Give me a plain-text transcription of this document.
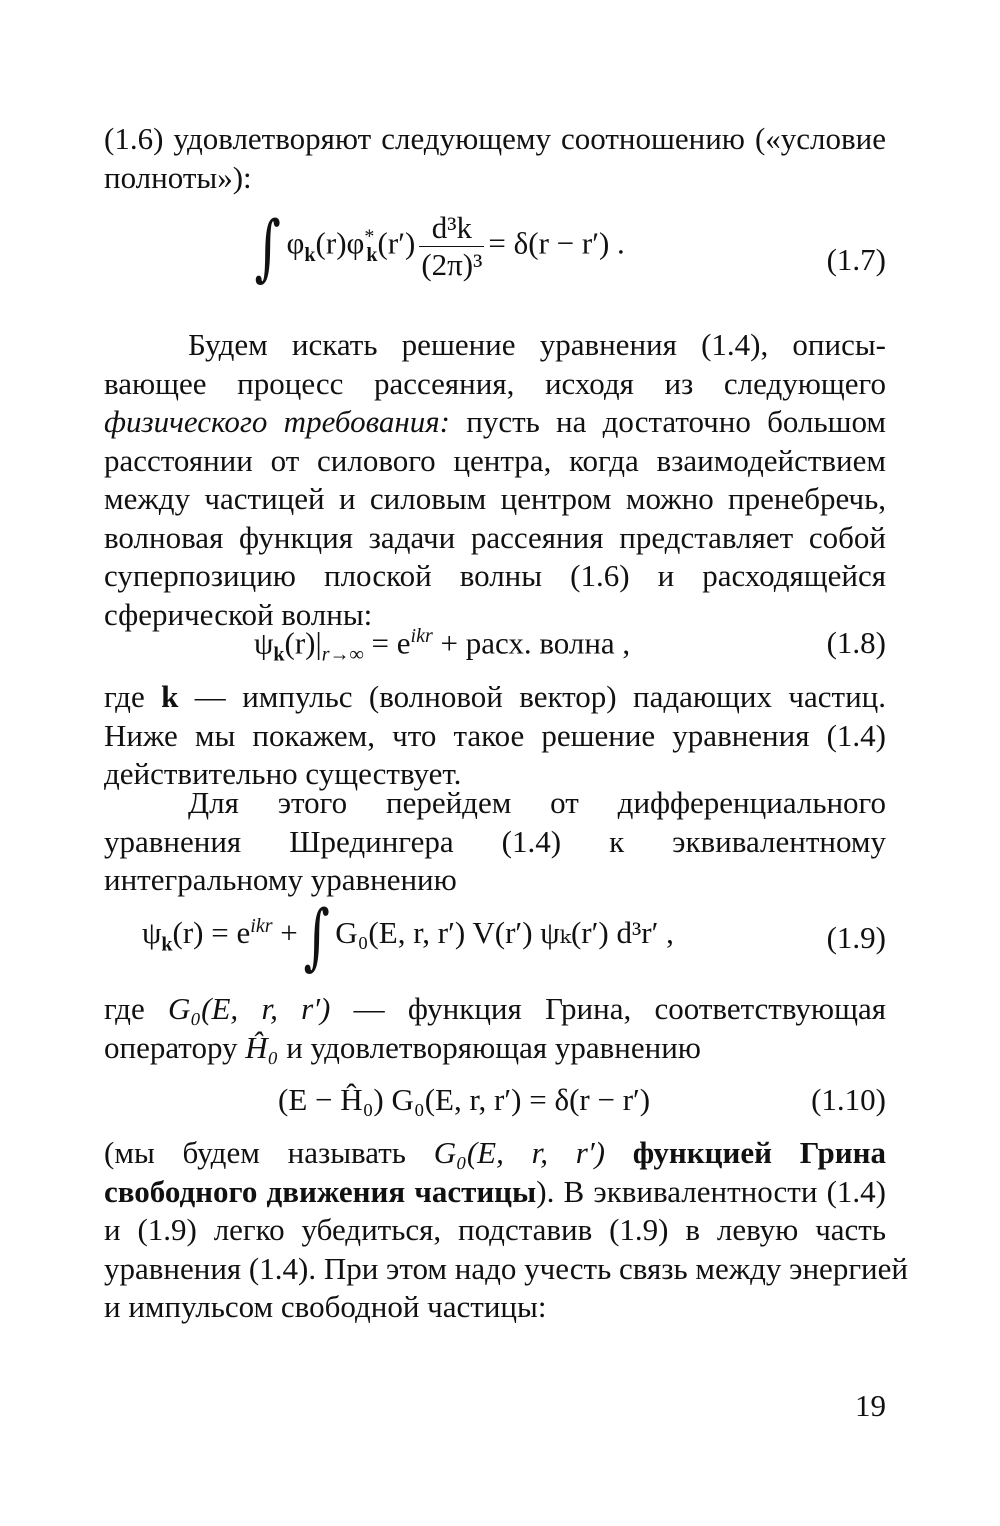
(1.6) удовлетворяют следующему соотношению («условие
полноты»):

∫ $\varphi_k(r)\varphi^*_k(r') \frac{\text{d³k}}{\text{(2π)³}} = \delta(r - r')$ .	(1.7)

Будем искать решение уравнения (1.4), описы-
вающее процесс рассеяния, исходя из следующего
физического требования: пусть на достаточно большом
расстоянии от силового центра, когда взаимодействием
между частицей и силовым центром можно пренебречь,
волновая функция задачи рассеяния представляет собой
суперпозицию плоской волны (1.6) и расходящейся
сферической волны:

$\psi_k(r)|_{r\to\infty} = e^{ikr}$ + расх. волна ,	(1.8)

где k — импульс (волновой вектор) падающих частиц.
Ниже мы покажем, что такое решение уравнения (1.4)
действительно существует.

Для этого перейдем от дифференциального
уравнения Шредингера (1.4) к эквивалентному
интегральному уравнению

$\psi_k(r) = e^{ikr}$ +∫ G₀(E, r, r′) V(r′) ψₖ(r′) d³r′ ,	(1.9)

где G₀(E, r, r′) — функция Грина, соответствующая
оператору Ĥ₀ и удовлетворяющая уравнению

(E − Ĥ₀) G₀(E, r, r′) = δ(r − r′)	(1.10)

(мы будем называть G₀(E, r, r′) функцией Грина
свободного движения частицы). В эквивалентности (1.4)
и (1.9) легко убедиться, подставив (1.9) в левую часть
уравнения (1.4). При этом надо учесть связь между энергией
и импульсом свободной частицы:

19
